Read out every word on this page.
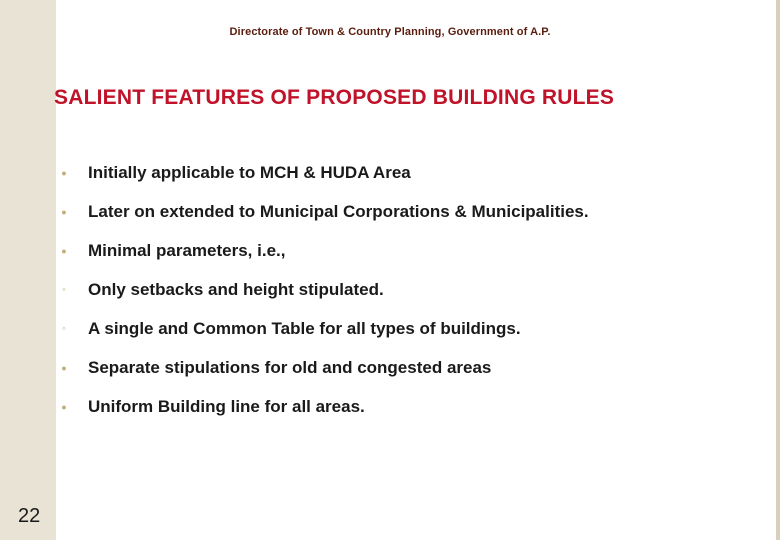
Directorate of Town & Country Planning, Government of A.P.
SALIENT FEATURES OF PROPOSED BUILDING RULES
• Initially applicable to MCH & HUDA Area
• Later on extended to Municipal Corporations & Municipalities.
• Minimal parameters, i.e.,
◦ Only setbacks and height stipulated.
◦ A single and Common Table for all types of buildings.
• Separate stipulations for old and congested areas
• Uniform Building line for all areas.
22
